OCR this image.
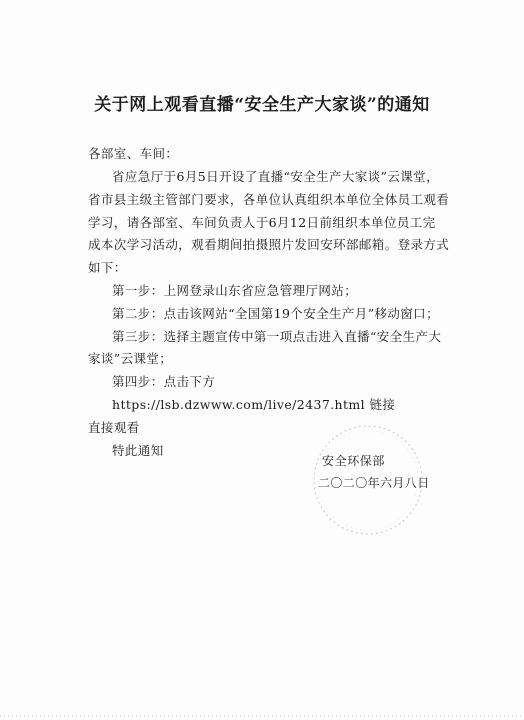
关于网上观看直播“安全生产大家谈”的通知
各部室、车间：
省应急厅于6月5日开设了直播“安全生产大家谈”云课堂，
省市县主级主管部门要求，各单位认真组织本单位全体员工观看
学习，请各部室、车间负责人于6月12日前组织本单位员工完
成本次学习活动，观看期间拍摄照片发回安环部邮箱。登录方式
如下：
第一步：上网登录山东省应急管理厅网站；
第二步：点击该网站“全国第19个安全生产月”移动窗口；
第三步：选择主题宣传中第一项点击进入直播“安全生产大
家谈”云课堂；
第四步：点击下方 https://lsb.dzwww.com/live/2437.html 链接
直接观看
特此通知
安全环保部
二〇二〇年六月八日
